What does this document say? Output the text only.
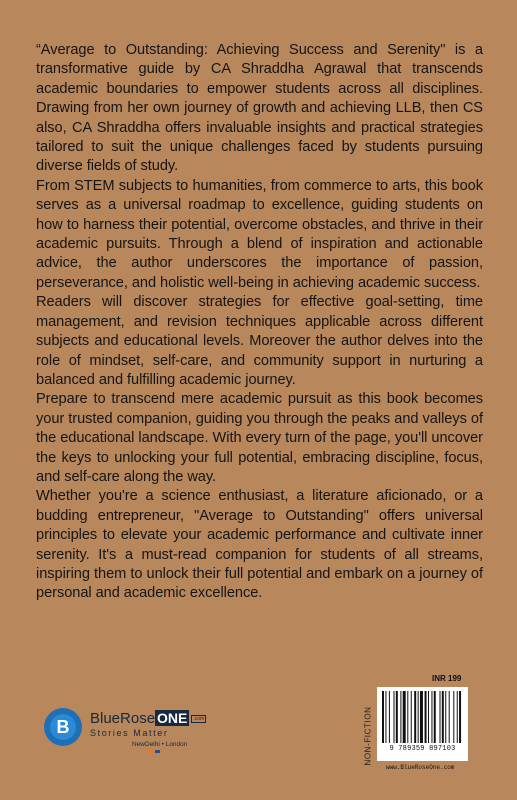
“Average to Outstanding: Achieving Success and Serenity" is a transformative guide by CA Shraddha Agrawal that transcends academic boundaries to empower students across all disciplines. Drawing from her own journey of growth and achieving LLB, then CS also, CA Shraddha offers invaluable insights and practical strategies tailored to suit the unique challenges faced by students pursuing diverse fields of study.

From STEM subjects to humanities, from commerce to arts, this book serves as a universal roadmap to excellence, guiding students on how to harness their potential, overcome obstacles, and thrive in their academic pursuits. Through a blend of inspiration and actionable advice, the author underscores the importance of passion, perseverance, and holistic well-being in achieving academic success.

Readers will discover strategies for effective goal-setting, time management, and revision techniques applicable across different subjects and educational levels. Moreover the author delves into the role of mindset, self-care, and community support in nurturing a balanced and fulfilling academic journey.

Prepare to transcend mere academic pursuit as this book becomes your trusted companion, guiding you through the peaks and valleys of the educational landscape. With every turn of the page, you'll uncover the keys to unlocking your full potential, embracing discipline, focus, and self-care along the way.

Whether you're a science enthusiast, a literature aficionado, or a budding entrepreneur, "Average to Outstanding" offers universal principles to elevate your academic performance and cultivate inner serenity. It's a must-read companion for students of all streams, inspiring them to unlock their full potential and embark on a journey of personal and academic excellence.

B	BlueRose ONE .com
Stories Matter
NewDelhi • London	NON-FICTION
INR 199
9 789359 897103
www.BlueRoseOne.com
